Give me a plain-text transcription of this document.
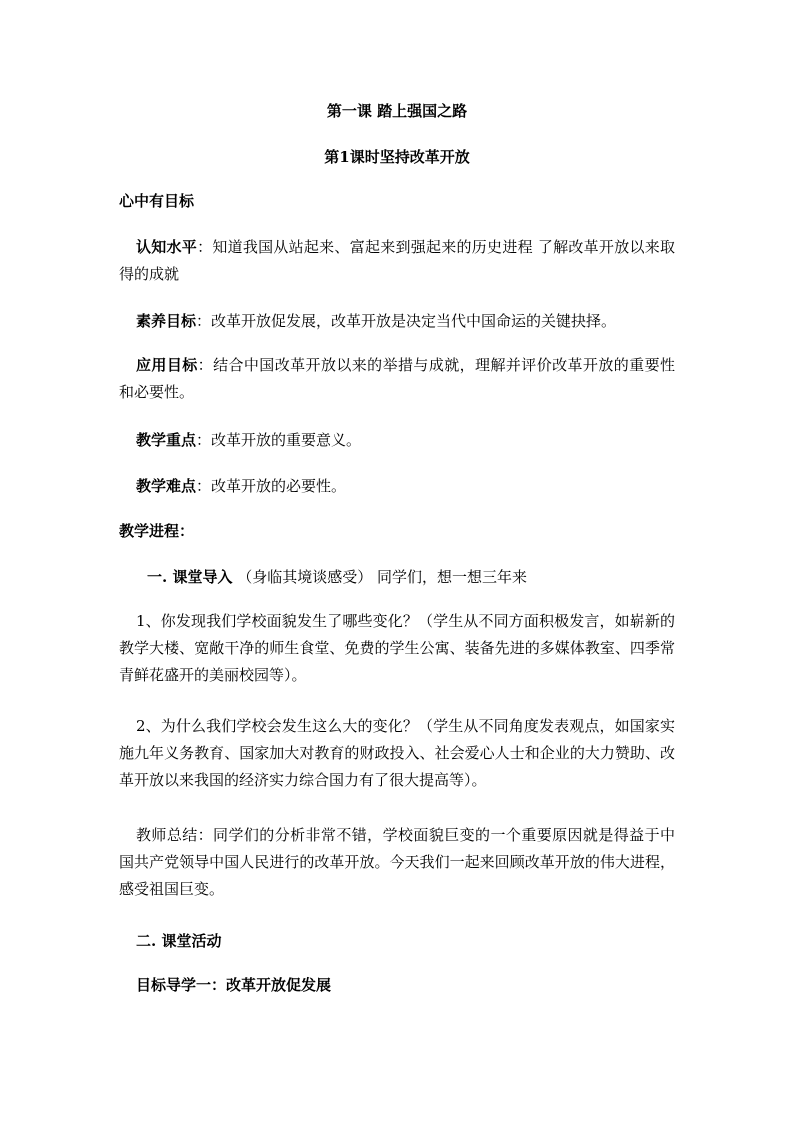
第一课 踏上强国之路
第1课时坚持改革开放
心中有目标
认知水平：知道我国从站起来、富起来到强起来的历史进程 了解改革开放以来取得的成就
素养目标：改革开放促发展，改革开放是决定当代中国命运的关键抉择。
应用目标：结合中国改革开放以来的举措与成就，理解并评价改革开放的重要性和必要性。
教学重点：改革开放的重要意义。
教学难点：改革开放的必要性。
教学进程：
一. 课堂导入 （身临其境谈感受） 同学们，想一想三年来
1、你发现我们学校面貌发生了哪些变化？（学生从不同方面积极发言，如崭新的教学大楼、宽敞干净的师生食堂、免费的学生公寓、装备先进的多媒体教室、四季常青鲜花盛开的美丽校园等）。
2、为什么我们学校会发生这么大的变化？（学生从不同角度发表观点，如国家实施九年义务教育、国家加大对教育的财政投入、社会爱心人士和企业的大力赞助、改革开放以来我国的经济实力综合国力有了很大提高等）。
教师总结：同学们的分析非常不错，学校面貌巨变的一个重要原因就是得益于中国共产党领导中国人民进行的改革开放。今天我们一起来回顾改革开放的伟大进程，感受祖国巨变。
二. 课堂活动
目标导学一：改革开放促发展
